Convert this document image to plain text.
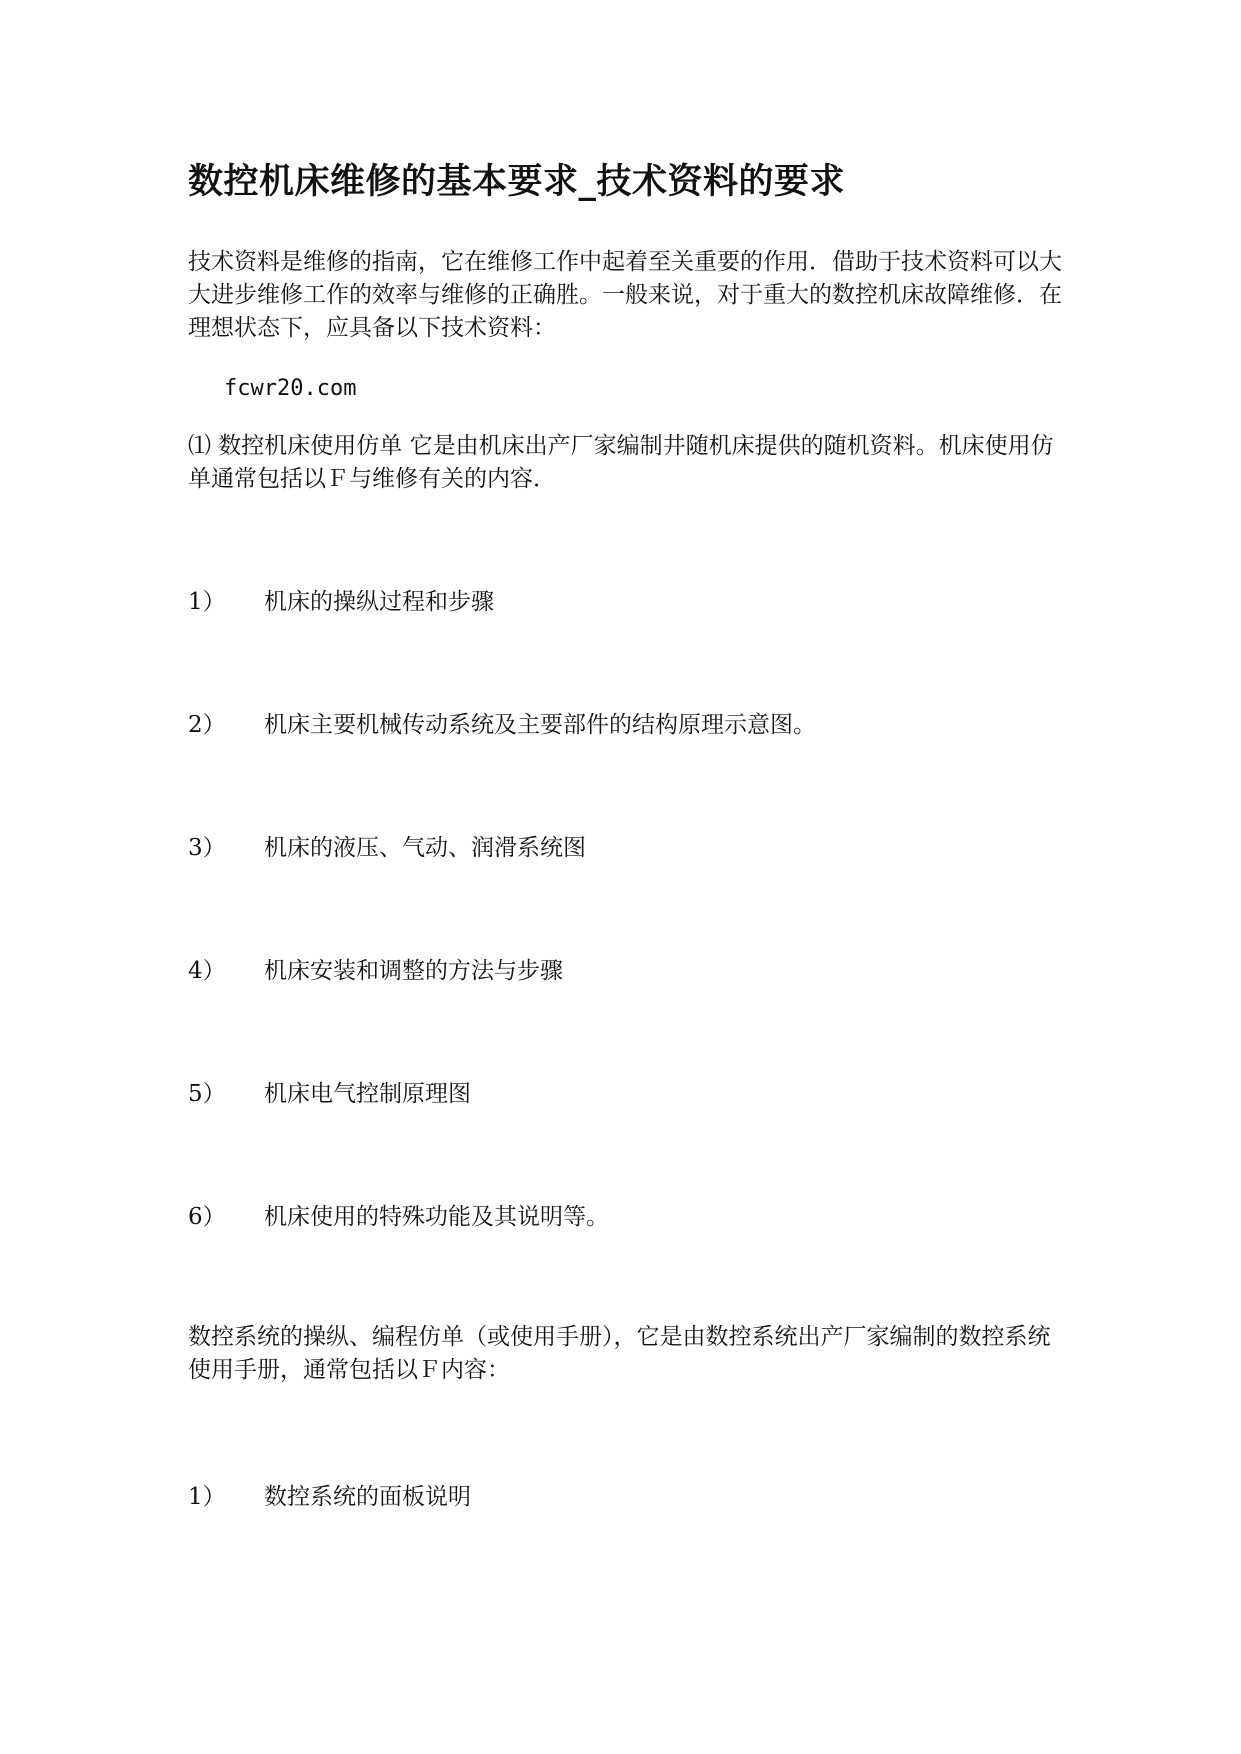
数控机床维修的基本要求_技术资料的要求

技术资料是维修的指南，它在维修工作中起着至关重要的作用．借助于技术资料可以大大进步维修工作的效率与维修的正确胜。一般来说，对于重大的数控机床故障维修．在理想状态下，应具备以下技术资料：

fcwr20.com

⑴ 数控机床使用仿单 它是由机床出产厂家编制井随机床提供的随机资料。机床使用仿单通常包括以Ｆ与维修有关的内容．

1） 机床的操纵过程和步骤
2） 机床主要机械传动系统及主要部件的结构原理示意图。
3） 机床的液压、气动、润滑系统图
4） 机床安装和调整的方法与步骤
5） 机床电气控制原理图
6） 机床使用的特殊功能及其说明等。

数控系统的操纵、编程仿单（或使用手册），它是由数控系统出产厂家编制的数控系统使用手册，通常包括以Ｆ内容：

1） 数控系统的面板说明
